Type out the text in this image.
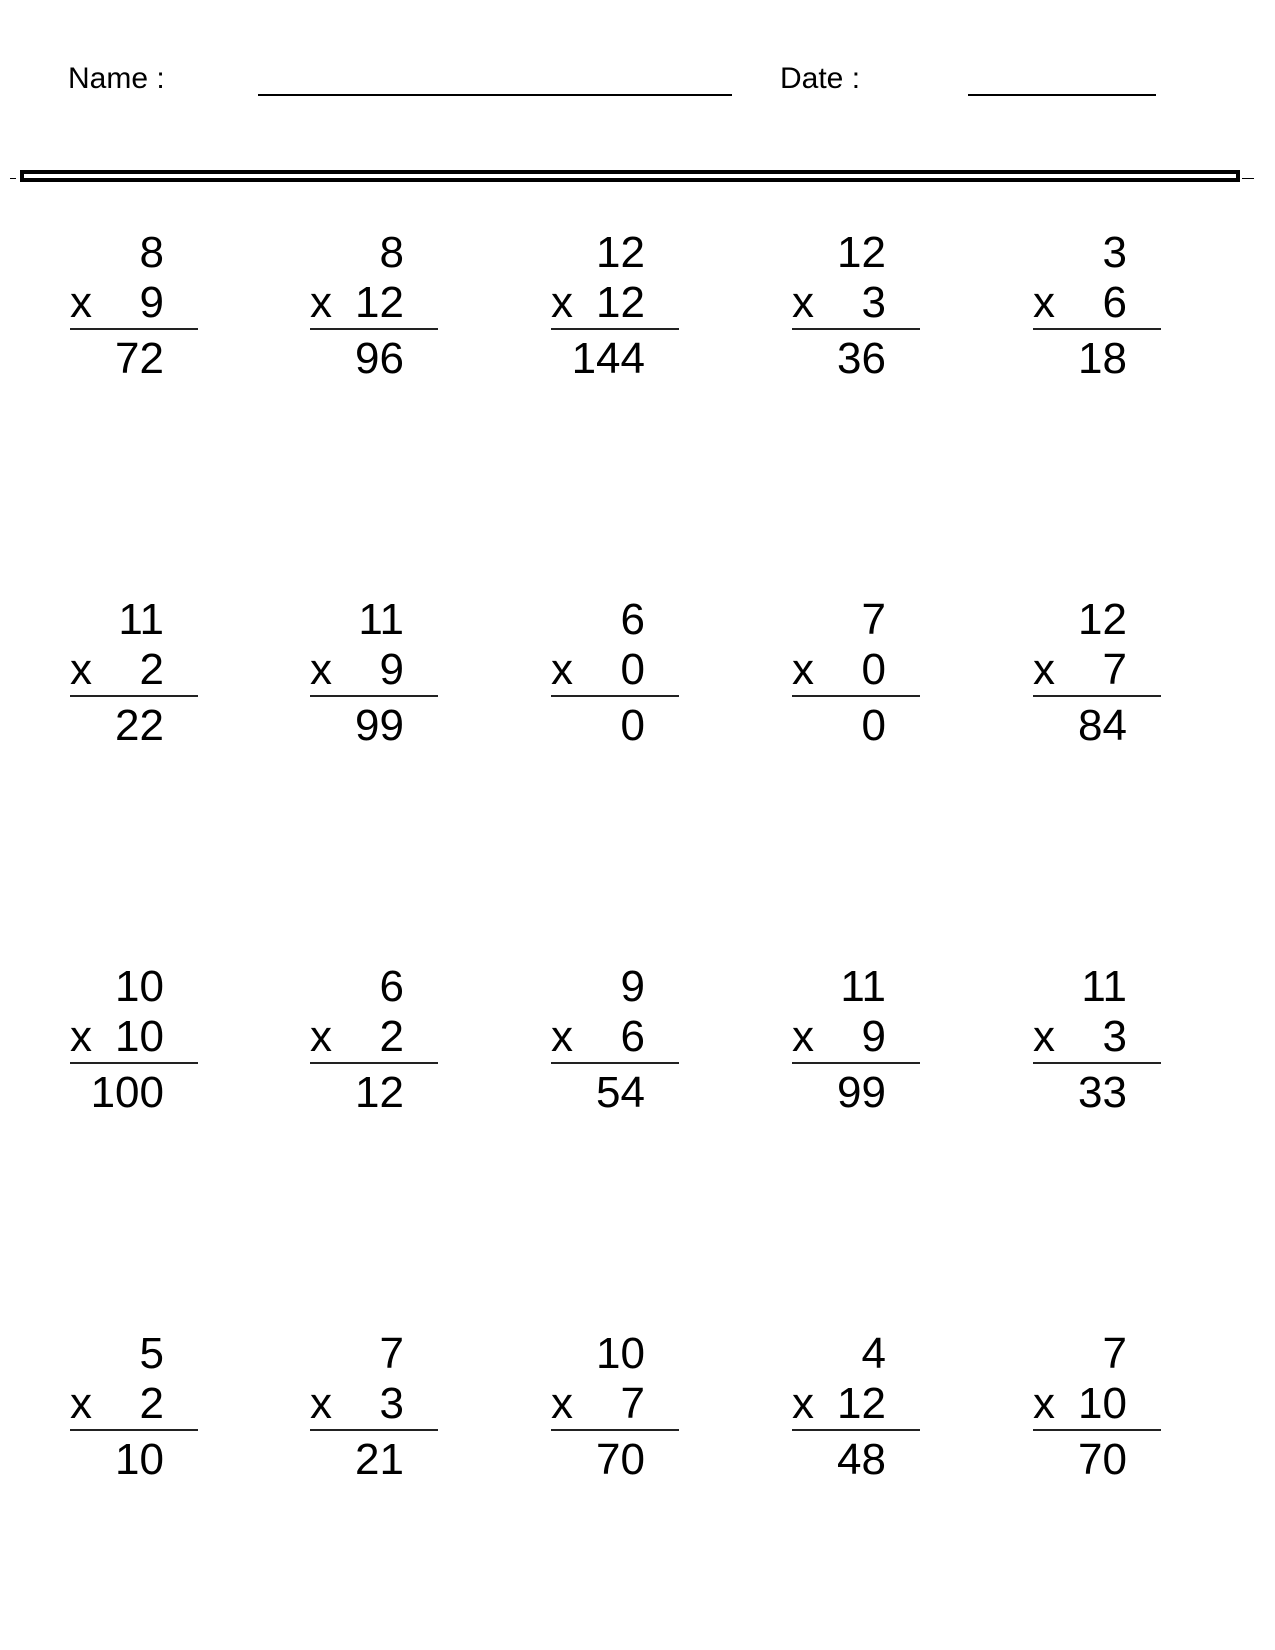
Name :	Date :
8
x 9
72
8
x 12
96
12
x 12
144
12
x 3
36
3
x 6
18
11
x 2
22
11
x 9
99
6
x 0
0
7
x 0
0
12
x 7
84
10
x 10
100
6
x 2
12
9
x 6
54
11
x 9
99
11
x 3
33
5
x 2
10
7
x 3
21
10
x 7
70
4
x 12
48
7
x 10
70
